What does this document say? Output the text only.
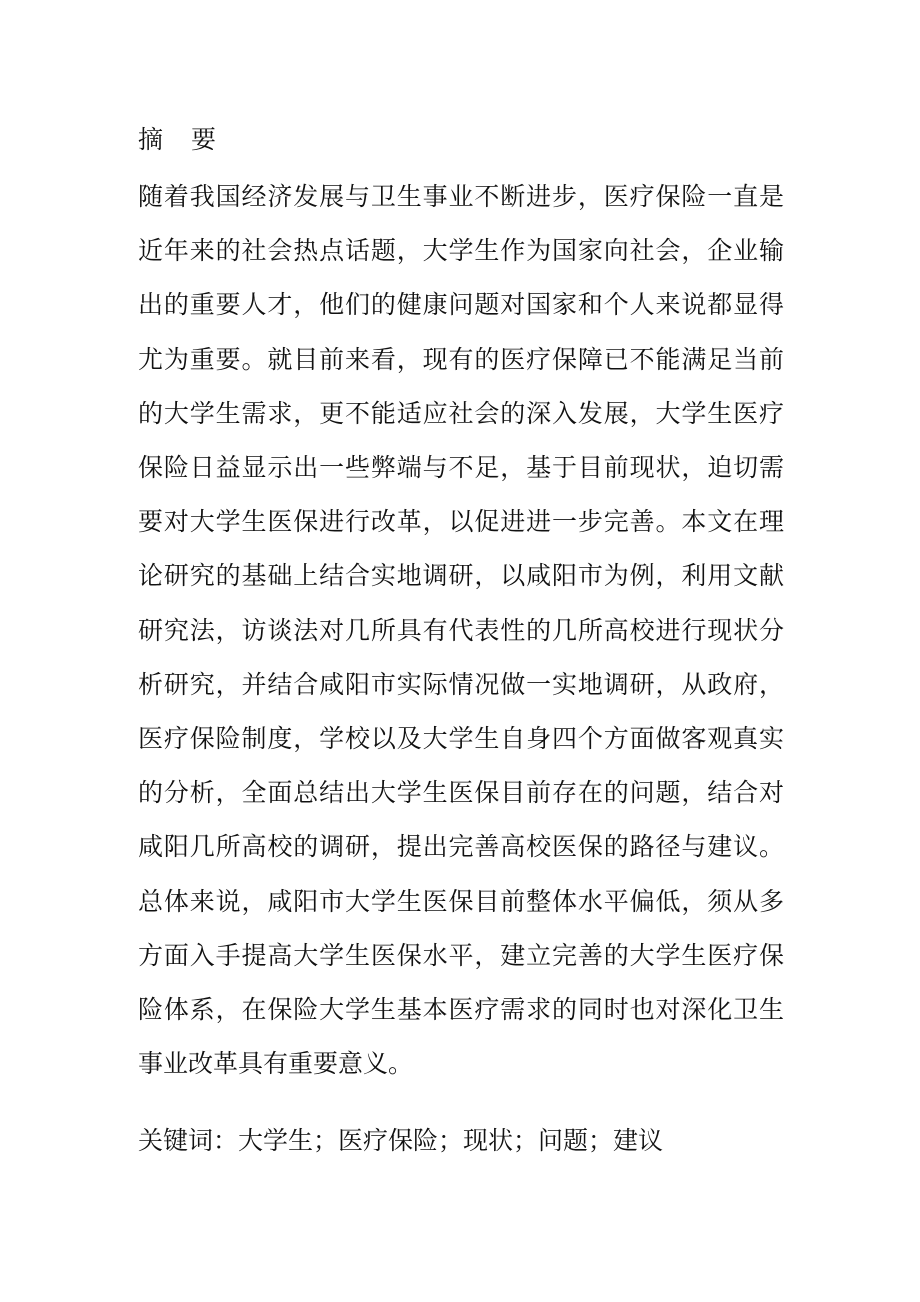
摘 要

随着我国经济发展与卫生事业不断进步，医疗保险一直是近年来的社会热点话题，大学生作为国家向社会，企业输出的重要人才，他们的健康问题对国家和个人来说都显得尤为重要。就目前来看，现有的医疗保障已不能满足当前的大学生需求，更不能适应社会的深入发展，大学生医疗保险日益显示出一些弊端与不足，基于目前现状，迫切需要对大学生医保进行改革，以促进进一步完善。本文在理论研究的基础上结合实地调研，以咸阳市为例，利用文献研究法，访谈法对几所具有代表性的几所高校进行现状分析研究，并结合咸阳市实际情况做一实地调研，从政府，医疗保险制度，学校以及大学生自身四个方面做客观真实的分析，全面总结出大学生医保目前存在的问题，结合对咸阳几所高校的调研，提出完善高校医保的路径与建议。总体来说，咸阳市大学生医保目前整体水平偏低，须从多方面入手提高大学生医保水平，建立完善的大学生医疗保险体系，在保险大学生基本医疗需求的同时也对深化卫生事业改革具有重要意义。

关键词：大学生；医疗保险；现状；问题；建议
